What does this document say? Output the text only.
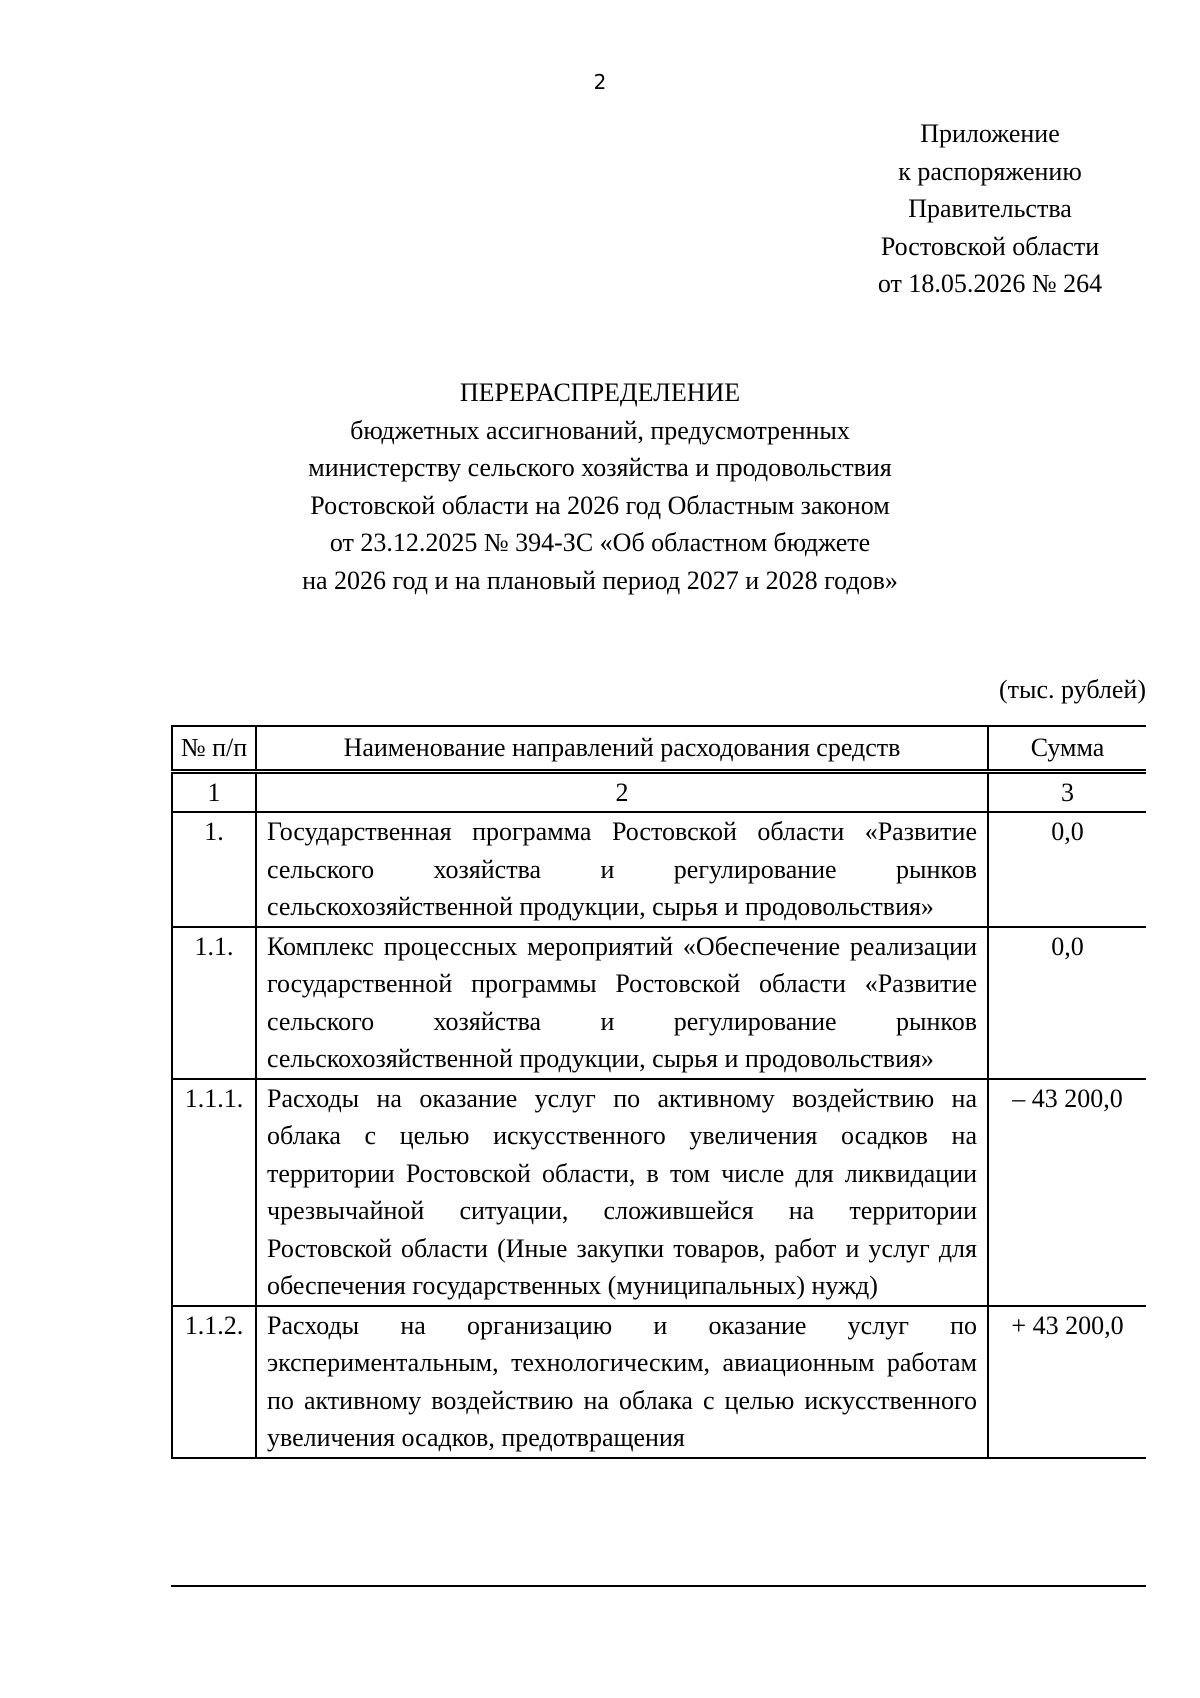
2
Приложение
к распоряжению
Правительства
Ростовской области
от 18.05.2026 № 264
ПЕРЕРАСПРЕДЕЛЕНИЕ
бюджетных ассигнований, предусмотренных
министерству сельского хозяйства и продовольствия
Ростовской области на 2026 год Областным законом
от 23.12.2025 № 394-ЗС «Об областном бюджете
на 2026 год и на плановый период 2027 и 2028 годов»
(тыс. рублей)
№ п/п	Наименование направлений расходования средств	Сумма
1	2	3
1.	Государственная программа Ростовской области «Развитие сельского хозяйства и регулирование рынков сельскохозяйственной продукции, сырья и продовольствия»	0,0
1.1.	Комплекс процессных мероприятий «Обеспечение реализации государственной программы Ростовской области «Развитие сельского хозяйства и регулирование рынков сельскохозяйственной продукции, сырья и продовольствия»	0,0
1.1.1.	Расходы на оказание услуг по активному воздействию на облака с целью искусственного увеличения осадков на территории Ростовской области, в том числе для ликвидации чрезвычайной ситуации, сложившейся на территории Ростовской области (Иные закупки товаров, работ и услуг для обеспечения государственных (муниципальных) нужд)	– 43 200,0
1.1.2.	Расходы на организацию и оказание услуг по экспериментальным, технологическим, авиационным работам по активному воздействию на облака с целью искусственного увеличения осадков, предотвращения	+ 43 200,0
